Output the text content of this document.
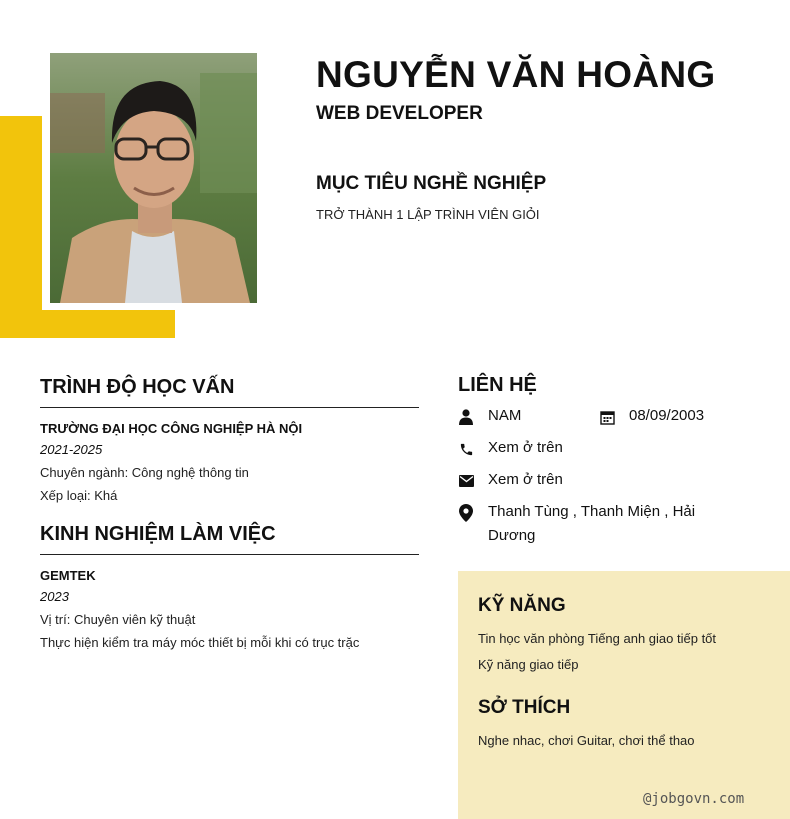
NGUYỄN VĂN HOÀNG
WEB DEVELOPER
MỤC TIÊU NGHỀ NGHIỆP
TRỞ THÀNH 1 LẬP TRÌNH VIÊN GIỎI
TRÌNH ĐỘ HỌC VẤN
TRƯỜNG ĐẠI HỌC CÔNG NGHIỆP HÀ NỘI
2021-2025
Chuyên ngành: Công nghệ thông tin
Xếp loại: Khá
KINH NGHIỆM LÀM VIỆC
GEMTEK
2023
Vị trí: Chuyên viên kỹ thuật
Thực hiện kiểm tra máy móc thiết bị mỗi khi có trục trặc
LIÊN HỆ
NAM	08/09/2003
Xem ở trên
Xem ở trên
Thanh Tùng , Thanh Miện , Hải Dương
KỸ NĂNG
Tin học văn phòng Tiếng anh giao tiếp tốt
Kỹ năng giao tiếp
SỞ THÍCH
Nghe nhac, chơi Guitar, chơi thể thao
@jobgovn.com
